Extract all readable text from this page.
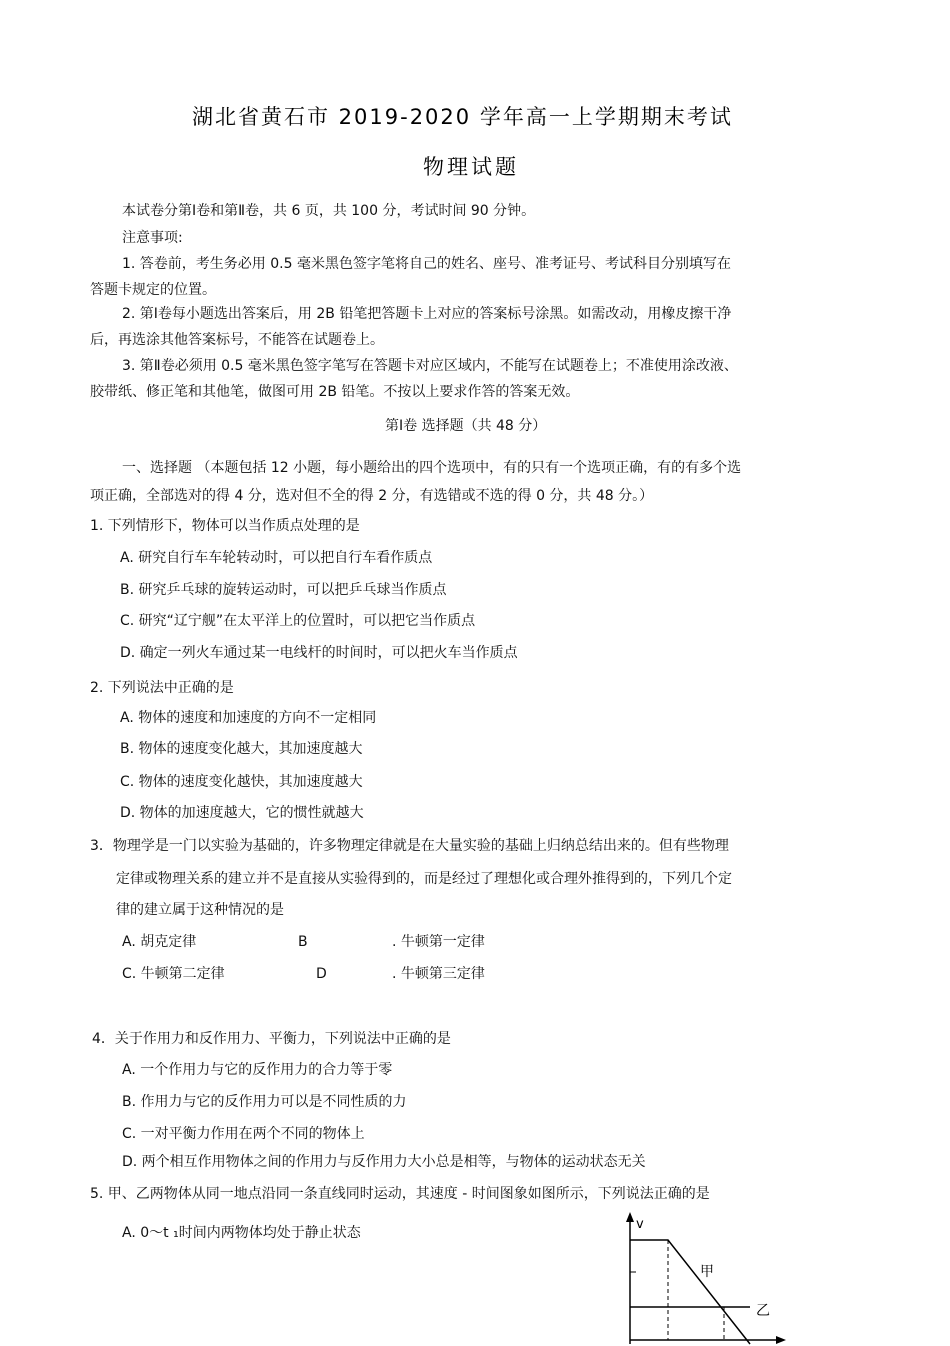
湖北省黄石市 2019-2020 学年高一上学期期末考试
物理试题
本试卷分第Ⅰ卷和第Ⅱ卷，共 6 页，共 100 分，考试时间 90 分钟。
注意事项:
1. 答卷前，考生务必用 0.5 毫米黑色签字笔将自己的姓名、座号、准考证号、考试科目分别填写在
答题卡规定的位置。
2. 第Ⅰ卷每小题选出答案后，用 2B 铅笔把答题卡上对应的答案标号涂黑。如需改动，用橡皮擦干净
后，再选涂其他答案标号，不能答在试题卷上。
3. 第Ⅱ卷必须用 0.5 毫米黑色签字笔写在答题卡对应区域内，不能写在试题卷上；不准使用涂改液、
胶带纸、修正笔和其他笔，做图可用 2B 铅笔。不按以上要求作答的答案无效。
第Ⅰ卷 选择题（共 48 分）
一、选择题 （本题包括 12 小题，每小题给出的四个选项中，有的只有一个选项正确，有的有多个选
项正确，全部选对的得 4 分，选对但不全的得 2 分，有选错或不选的得 0 分，共 48 分。）
1. 下列情形下，物体可以当作质点处理的是
A. 研究自行车车轮转动时，可以把自行车看作质点
B. 研究乒乓球的旋转运动时，可以把乒乓球当作质点
C. 研究“辽宁舰”在太平洋上的位置时，可以把它当作质点
D. 确定一列火车通过某一电线杆的时间时，可以把火车当作质点
2. 下列说法中正确的是
A. 物体的速度和加速度的方向不一定相同
B. 物体的速度变化越大，其加速度越大
C. 物体的速度变化越快，其加速度越大
D. 物体的加速度越大，它的惯性就越大
3．物理学是一门以实验为基础的，许多物理定律就是在大量实验的基础上归纳总结出来的。但有些物理
定律或物理关系的建立并不是直接从实验得到的，而是经过了理想化或合理外推得到的，下列几个定
律的建立属于这种情况的是
A. 胡克定律	B	. 牛顿第一定律
C. 牛顿第二定律	D	. 牛顿第三定律
4．关于作用力和反作用力、平衡力，下列说法中正确的是
A. 一个作用力与它的反作用力的合力等于零
B. 作用力与它的反作用力可以是不同性质的力
C. 一对平衡力作用在两个不同的物体上
D. 两个相互作用物体之间的作用力与反作用力大小总是相等，与物体的运动状态无关
5. 甲、乙两物体从同一地点沿同一条直线同时运动，其速度 - 时间图象如图所示，下列说法正确的是
A. 0～t ₁时间内两物体均处于静止状态
v
甲
乙
